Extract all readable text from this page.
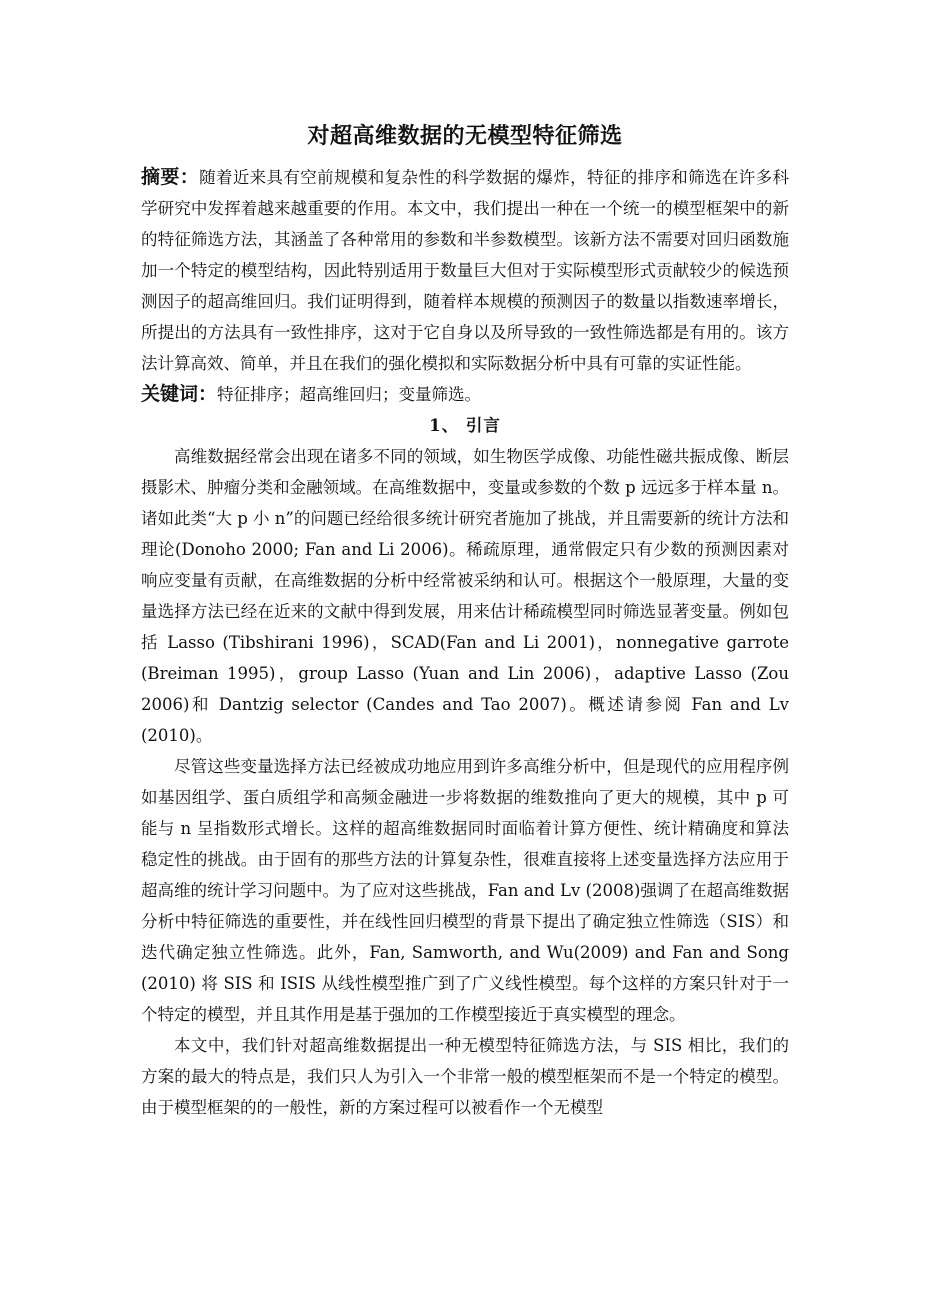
对超高维数据的无模型特征筛选

摘要：随着近来具有空前规模和复杂性的科学数据的爆炸，特征的排序和筛选在许多科学研究中发挥着越来越重要的作用。本文中，我们提出一种在一个统一的模型框架中的新的特征筛选方法，其涵盖了各种常用的参数和半参数模型。该新方法不需要对回归函数施加一个特定的模型结构，因此特别适用于数量巨大但对于实际模型形式贡献较少的候选预测因子的超高维回归。我们证明得到，随着样本规模的预测因子的数量以指数速率增长，所提出的方法具有一致性排序，这对于它自身以及所导致的一致性筛选都是有用的。该方法计算高效、简单，并且在我们的强化模拟和实际数据分析中具有可靠的实证性能。

关键词：特征排序；超高维回归；变量筛选。

1、 引言

高维数据经常会出现在诸多不同的领域，如生物医学成像、功能性磁共振成像、断层摄影术、肿瘤分类和金融领域。在高维数据中，变量或参数的个数 p 远远多于样本量 n。诸如此类“大 p 小 n”的问题已经给很多统计研究者施加了挑战，并且需要新的统计方法和理论(Donoho 2000; Fan and Li 2006)。稀疏原理，通常假定只有少数的预测因素对响应变量有贡献，在高维数据的分析中经常被采纳和认可。根据这个一般原理，大量的变量选择方法已经在近来的文献中得到发展，用来估计稀疏模型同时筛选显著变量。例如包括 Lasso (Tibshirani 1996)，SCAD(Fan and Li 2001)，nonnegative garrote (Breiman 1995)，group Lasso (Yuan and Lin 2006)，adaptive Lasso (Zou 2006)和 Dantzig selector (Candes and Tao 2007)。概述请参阅 Fan and Lv (2010)。

尽管这些变量选择方法已经被成功地应用到许多高维分析中，但是现代的应用程序例如基因组学、蛋白质组学和高频金融进一步将数据的维数推向了更大的规模，其中 p 可能与 n 呈指数形式增长。这样的超高维数据同时面临着计算方便性、统计精确度和算法稳定性的挑战。由于固有的那些方法的计算复杂性，很难直接将上述变量选择方法应用于超高维的统计学习问题中。为了应对这些挑战，Fan and Lv (2008)强调了在超高维数据分析中特征筛选的重要性，并在线性回归模型的背景下提出了确定独立性筛选（SIS）和迭代确定独立性筛选。此外，Fan, Samworth, and Wu(2009) and Fan and Song (2010) 将 SIS 和 ISIS 从线性模型推广到了广义线性模型。每个这样的方案只针对于一个特定的模型，并且其作用是基于强加的工作模型接近于真实模型的理念。

本文中，我们针对超高维数据提出一种无模型特征筛选方法，与 SIS 相比，我们的方案的最大的特点是，我们只人为引入一个非常一般的模型框架而不是一个特定的模型。由于模型框架的的一般性，新的方案过程可以被看作一个无模型
